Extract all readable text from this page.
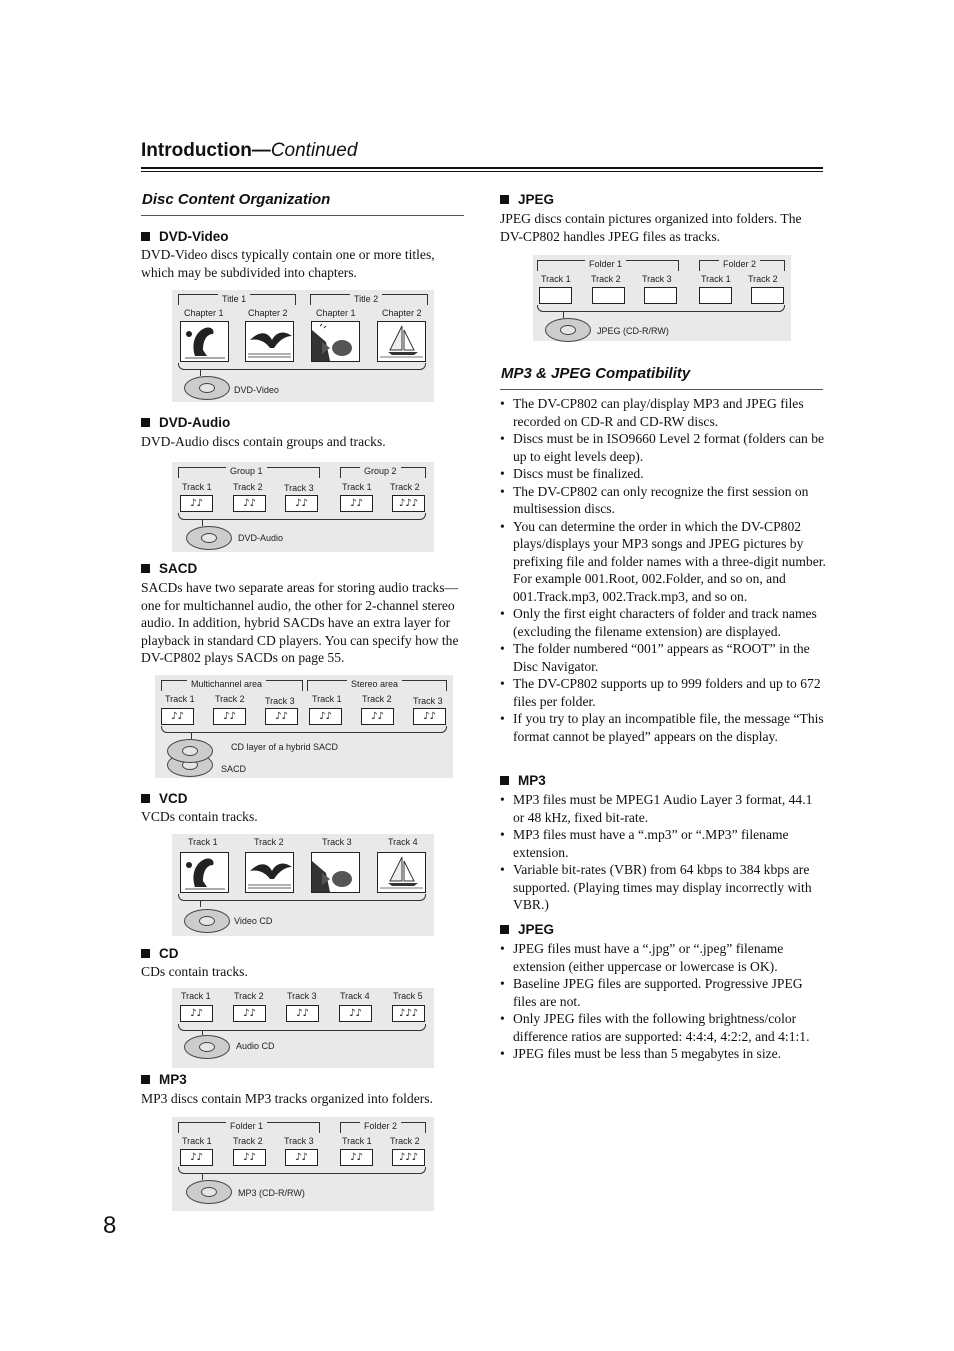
Introduction—Continued
Disc Content Organization
DVD-Video
DVD-Video discs typically contain one or more titles, which may be subdivided into chapters.
Title 1	Title 2
Chapter 1	Chapter 2	Chapter 1	Chapter 2
DVD-Video
DVD-Audio
DVD-Audio discs contain groups and tracks.
Group 1	Group 2
Track 1 Track 2 Track 3	Track 1 Track 2
♪♪	♪♪	♪♪	♪♪	♪♪♪
DVD-Audio
SACD
SACDs have two separate areas for storing audio tracks—one for multichannel audio, the other for 2-channel stereo audio. In addition, hybrid SACDs have an extra layer for playback in standard CD players. You can specify how the DV-CP802 plays SACDs on page 55.
Multichannel area	Stereo area
Track 1 Track 2 Track 3 Track 1 Track 2 Track 3
♪♪	♪♪	♪♪	♪♪	♪♪	♪♪
CD layer of a hybrid SACD
SACD
VCD
VCDs contain tracks.
Track 1	Track 2	Track 3	Track 4
Video CD
CD
CDs contain tracks.
Track 1	Track 2	Track 3	Track 4	Track 5
♪♪	♪♪	♪♪	♪♪	♪♪♪
Audio CD
MP3
MP3 discs contain MP3 tracks organized into folders.
Folder 1	Folder 2
Track 1 Track 2 Track 3	Track 1 Track 2
♪♪	♪♪	♪♪	♪♪	♪♪♪
MP3 (CD-R/RW)
JPEG
JPEG discs contain pictures organized into folders. The DV-CP802 handles JPEG files as tracks.
Folder 1	Folder 2
Track 1 Track 2 Track 3	Track 1 Track 2
JPEG (CD-R/RW)
MP3 & JPEG Compatibility
• The DV-CP802 can play/display MP3 and JPEG files recorded on CD-R and CD-RW discs.
• Discs must be in ISO9660 Level 2 format (folders can be up to eight levels deep).
• Discs must be finalized.
• The DV-CP802 can only recognize the first session on multisession discs.
• You can determine the order in which the DV-CP802 plays/displays your MP3 songs and JPEG pictures by prefixing file and folder names with a three-digit number. For example 001.Root, 002.Folder, and so on, and 001.Track.mp3, 002.Track.mp3, and so on.
• Only the first eight characters of folder and track names (excluding the filename extension) are displayed.
• The folder numbered “001” appears as “ROOT” in the Disc Navigator.
• The DV-CP802 supports up to 999 folders and up to 672 files per folder.
• If you try to play an incompatible file, the message “This format cannot be played” appears on the display.
MP3
• MP3 files must be MPEG1 Audio Layer 3 format, 44.1 or 48 kHz, fixed bit-rate.
• MP3 files must have a “.mp3” or “.MP3” filename extension.
• Variable bit-rates (VBR) from 64 kbps to 384 kbps are supported. (Playing times may display incorrectly with VBR.)
JPEG
• JPEG files must have a “.jpg” or “.jpeg” filename extension (either uppercase or lowercase is OK).
• Baseline JPEG files are supported. Progressive JPEG files are not.
• Only JPEG files with the following brightness/color difference ratios are supported: 4:4:4, 4:2:2, and 4:1:1.
• JPEG files must be less than 5 megabytes in size.
8
